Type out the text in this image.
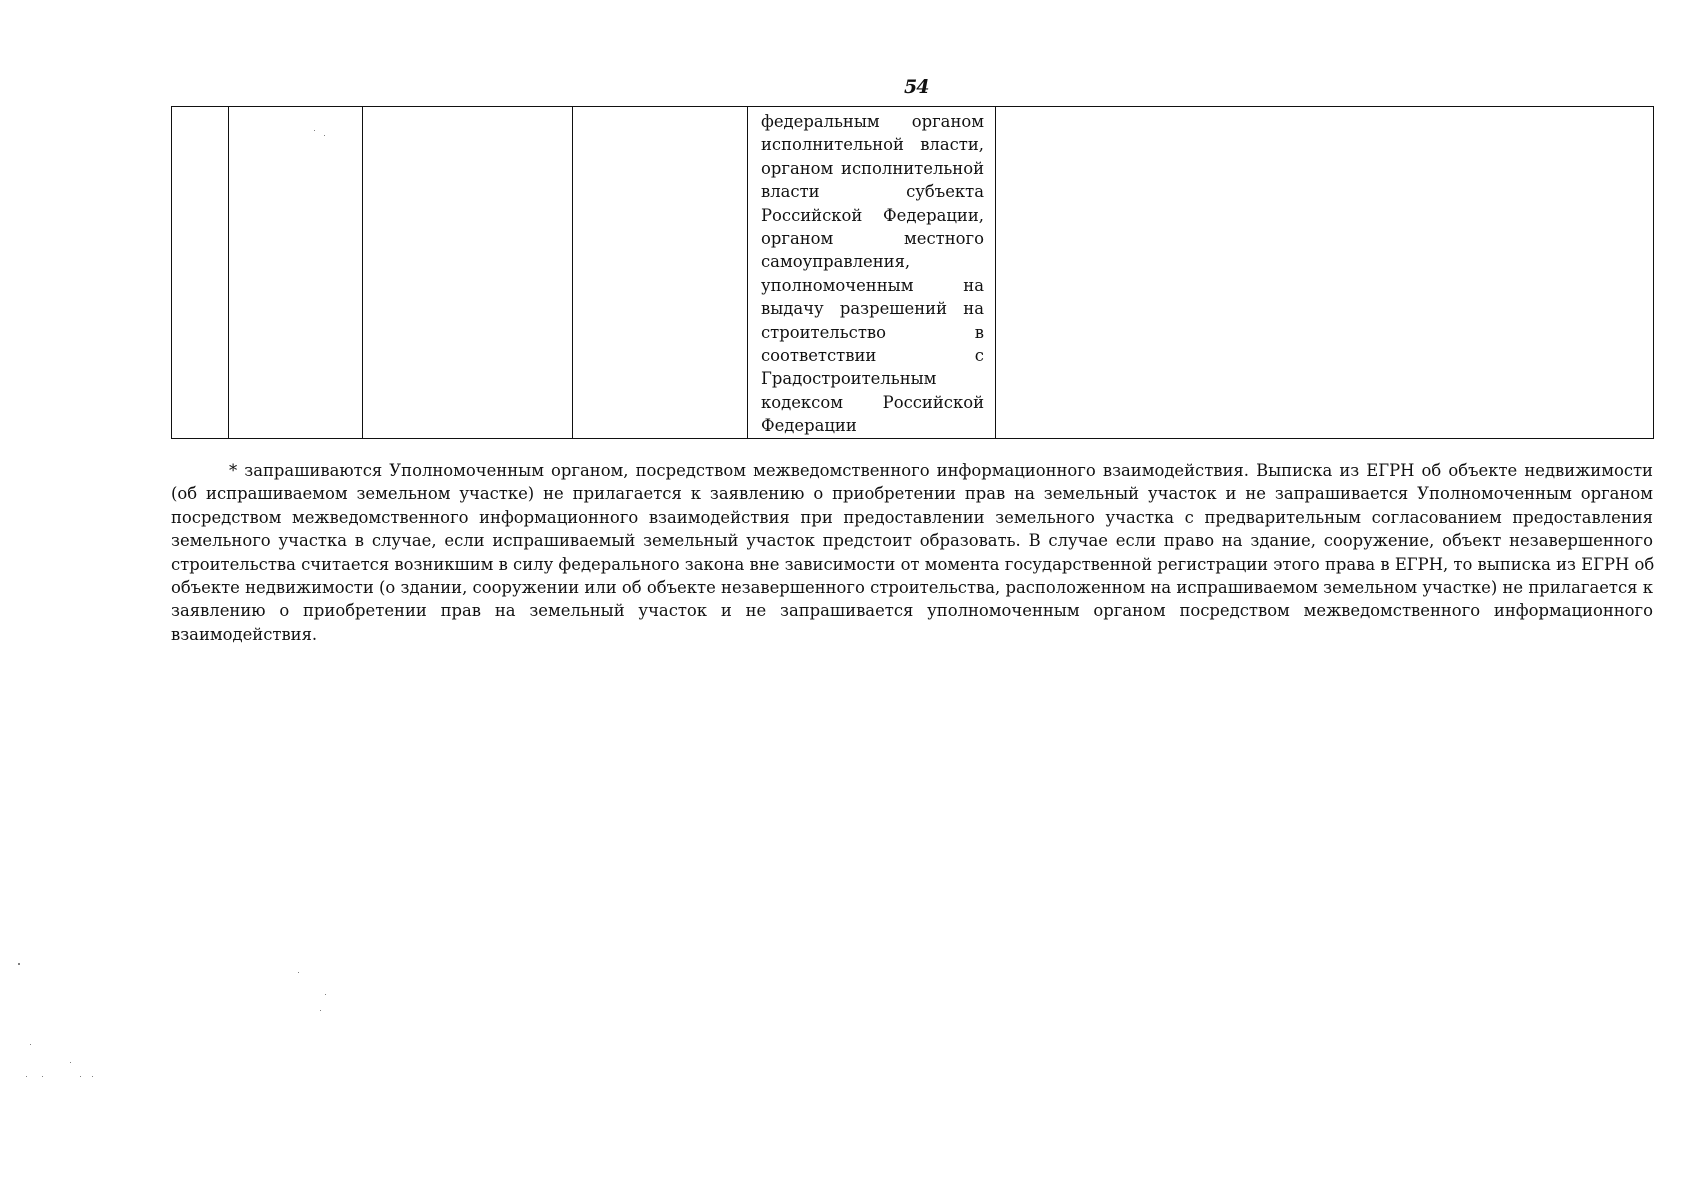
54

федеральным органом
исполнительной власти,
органом исполнительной
власти субъекта
Российской Федерации,
органом местного
самоуправления,
уполномоченным на
выдачу разрешений на
строительство в
соответствии с
Градостроительным
кодексом Российской
Федерации

* запрашиваются Уполномоченным органом, посредством межведомственного информационного взаимодействия. Выписка из ЕГРН об объекте недвижимости
(об испрашиваемом земельном участке) не прилагается к заявлению о приобретении прав на земельный участок и не запрашивается Уполномоченным органом
посредством межведомственного информационного взаимодействия при предоставлении земельного участка с предварительным согласованием предоставления
земельного участка в случае, если испрашиваемый земельный участок предстоит образовать. В случае если право на здание, сооружение, объект незавершенного
строительства считается возникшим в силу федерального закона вне зависимости от момента государственной регистрации этого права в ЕГРН, то выписка из ЕГРН об
объекте недвижимости (о здании, сооружении или об объекте незавершенного строительства, расположенном на испрашиваемом земельном участке) не прилагается к
заявлению о приобретении прав на земельный участок и не запрашивается уполномоченным органом посредством межведомственного информационного
взаимодействия.
